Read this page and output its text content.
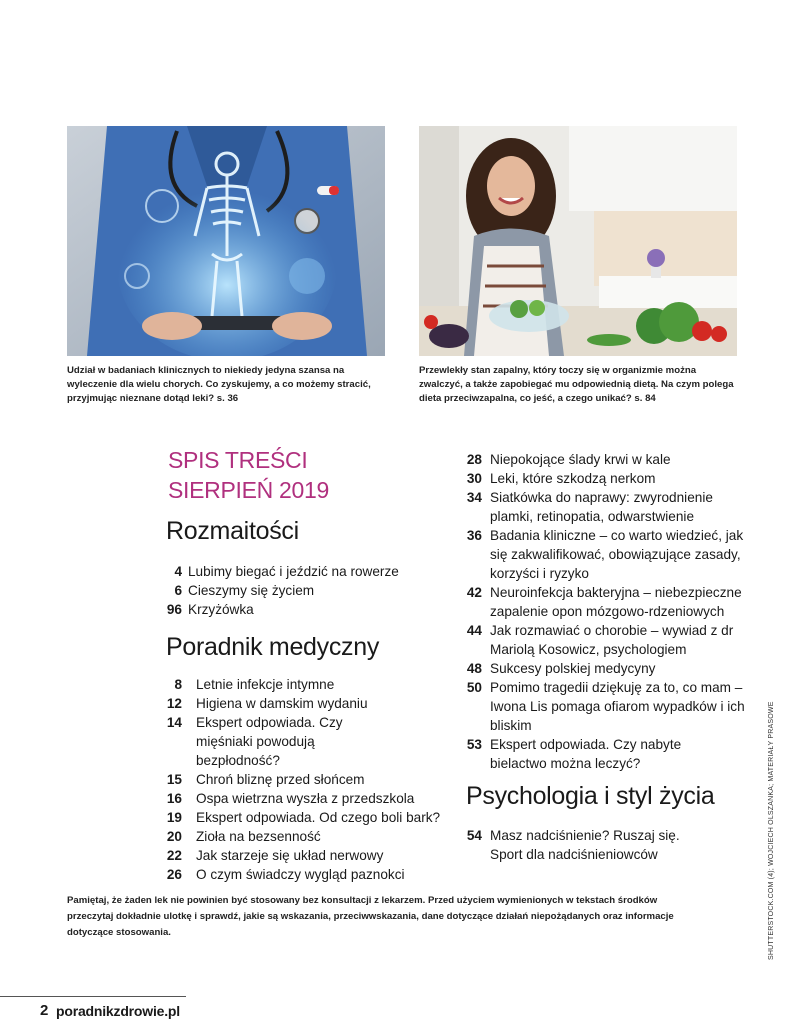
Udział w badaniach klinicznych to niekiedy jedyna szansa na wyleczenie dla wielu chorych. Co zyskujemy, a co możemy stracić, przyjmując nieznane dotąd leki? s. 36

Przewlekły stan zapalny, który toczy się w organizmie można zwalczyć, a także zapobiegać mu odpowiednią dietą. Na czym polega dieta przeciwzapalna, co jeść, a czego unikać? s. 84

SPIS TREŚCI
SIERPIEŃ 2019
Rozmaitości
4 Lubimy biegać i jeździć na rowerze
6 Cieszymy się życiem
96 Krzyżówka
Poradnik medyczny
8 Letnie infekcje intymne
12 Higiena w damskim wydaniu
14 Ekspert odpowiada. Czy mięśniaki powodują bezpłodność?
15 Chroń bliznę przed słońcem
16 Ospa wietrzna wyszła z przedszkola
19 Ekspert odpowiada. Od czego boli bark?
20 Zioła na bezsenność
22 Jak starzeje się układ nerwowy
26 O czym świadczy wygląd paznokci
28 Niepokojące ślady krwi w kale
30 Leki, które szkodzą nerkom
34 Siatkówka do naprawy: zwyrodnienie plamki, retinopatia, odwarstwienie
36 Badania kliniczne – co warto wiedzieć, jak się zakwalifikować, obowiązujące zasady, korzyści i ryzyko
42 Neuroinfekcja bakteryjna – niebezpieczne zapalenie opon mózgowo-rdzeniowych
44 Jak rozmawiać o chorobie – wywiad z dr Mariolą Kosowicz, psychologiem
48 Sukcesy polskiej medycyny
50 Pomimo tragedii dziękuję za to, co mam – Iwona Lis pomaga ofiarom wypadków i ich bliskim
53 Ekspert odpowiada. Czy nabyte bielactwo można leczyć?
Psychologia i styl życia
54 Masz nadciśnienie? Ruszaj się. Sport dla nadciśnieniowców

Pamiętaj, że żaden lek nie powinien być stosowany bez konsultacji z lekarzem. Przed użyciem wymienionych w tekstach środków przeczytaj dokładnie ulotkę i sprawdź, jakie są wskazania, przeciwwskazania, dane dotyczące działań niepożądanych oraz informacje dotyczące stosowania.	SHUTTERSTOCK.COM (4); WOJCIECH OLSZANKA; MATERIAŁY PRASOWE
2 poradnikzdrowie.pl
